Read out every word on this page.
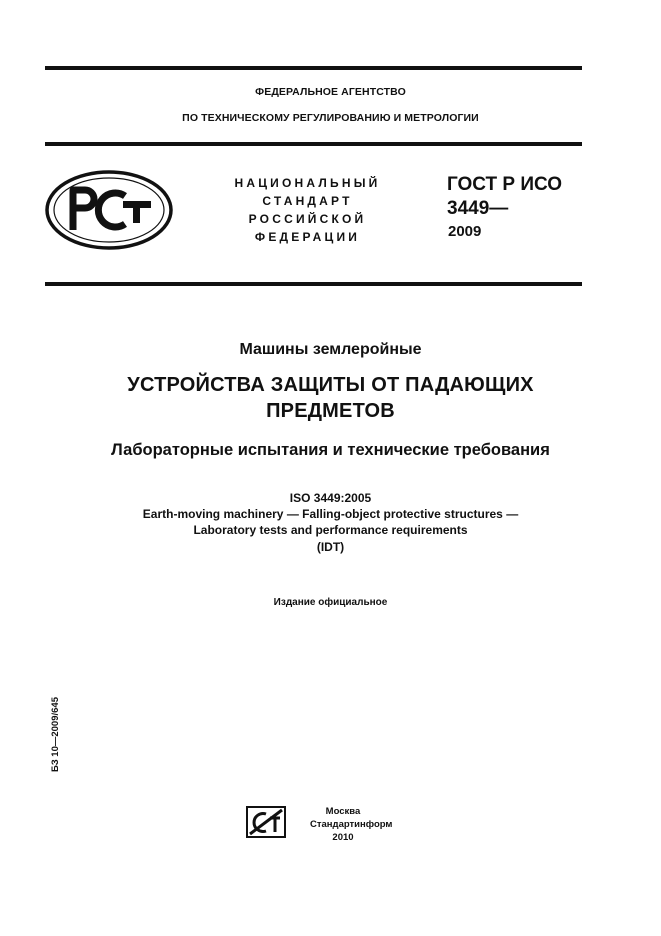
ФЕДЕРАЛЬНОЕ АГЕНТСТВО
ПО ТЕХНИЧЕСКОМУ РЕГУЛИРОВАНИЮ И МЕТРОЛОГИИ
НАЦИОНАЛЬНЫЙ
СТАНДАРТ
РОССИЙСКОЙ
ФЕДЕРАЦИИ
ГОСТ Р ИСО
3449—
2009
Машины землеройные
УСТРОЙСТВА ЗАЩИТЫ ОТ ПАДАЮЩИХ
ПРЕДМЕТОВ
Лабораторные испытания и технические требования
ISO 3449:2005
Earth-moving machinery — Falling-object protective structures —
Laboratory tests and performance requirements
(IDT)
Издание официальное
БЗ 10—2009/645
Москва
Стандартинформ
2010
